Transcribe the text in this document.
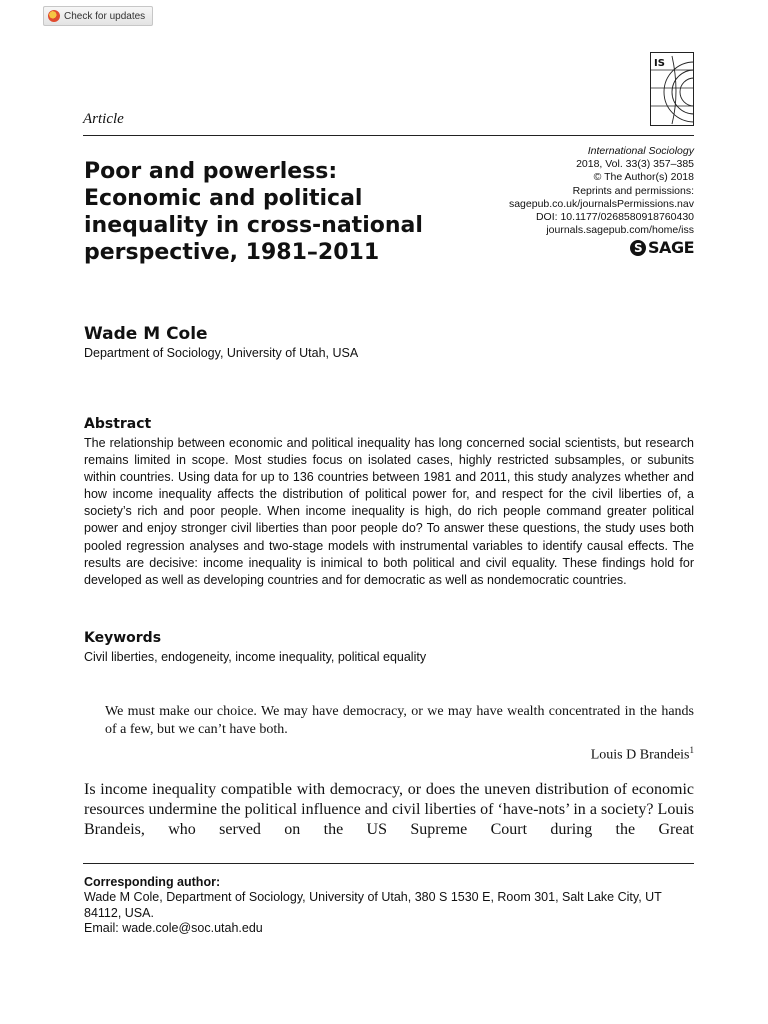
Check for updates
IS
Article
Poor and powerless:
Economic and political
inequality in cross-national
perspective, 1981–2011
International Sociology
2018, Vol. 33(3) 357–385
© The Author(s) 2018
Reprints and permissions:
sagepub.co.uk/journalsPermissions.nav
DOI: 10.1177/0268580918760430
journals.sagepub.com/home/iss
S SAGE
Wade M Cole
Department of Sociology, University of Utah, USA
Abstract

The relationship between economic and political inequality has long concerned social scientists, but research remains limited in scope. Most studies focus on isolated cases, highly restricted subsamples, or subunits within countries. Using data for up to 136 countries between 1981 and 2011, this study analyzes whether and how income inequality affects the distribution of political power for, and respect for the civil liberties of, a society’s rich and poor people. When income inequality is high, do rich people command greater political power and enjoy stronger civil liberties than poor people do? To answer these questions, the study uses both pooled regression analyses and two-stage models with instrumental variables to identify causal effects. The results are decisive: income inequality is inimical to both political and civil equality. These findings hold for developed as well as developing countries and for democratic as well as nondemocratic countries.

Keywords
Civil liberties, endogeneity, income inequality, political equality

We must make our choice. We may have democracy, or we may have wealth concentrated in the hands of a few, but we can’t have both.

Louis D Brandeis$^1$

Is income inequality compatible with democracy, or does the uneven distribution of economic resources undermine the political influence and civil liberties of ‘have-nots’ in a society? Louis Brandeis, who served on the US Supreme Court during the Great

Corresponding author:

Wade M Cole, Department of Sociology, University of Utah, 380 S 1530 E, Room 301, Salt Lake City, UT 84112, USA.

Email: wade.cole@soc.utah.edu
